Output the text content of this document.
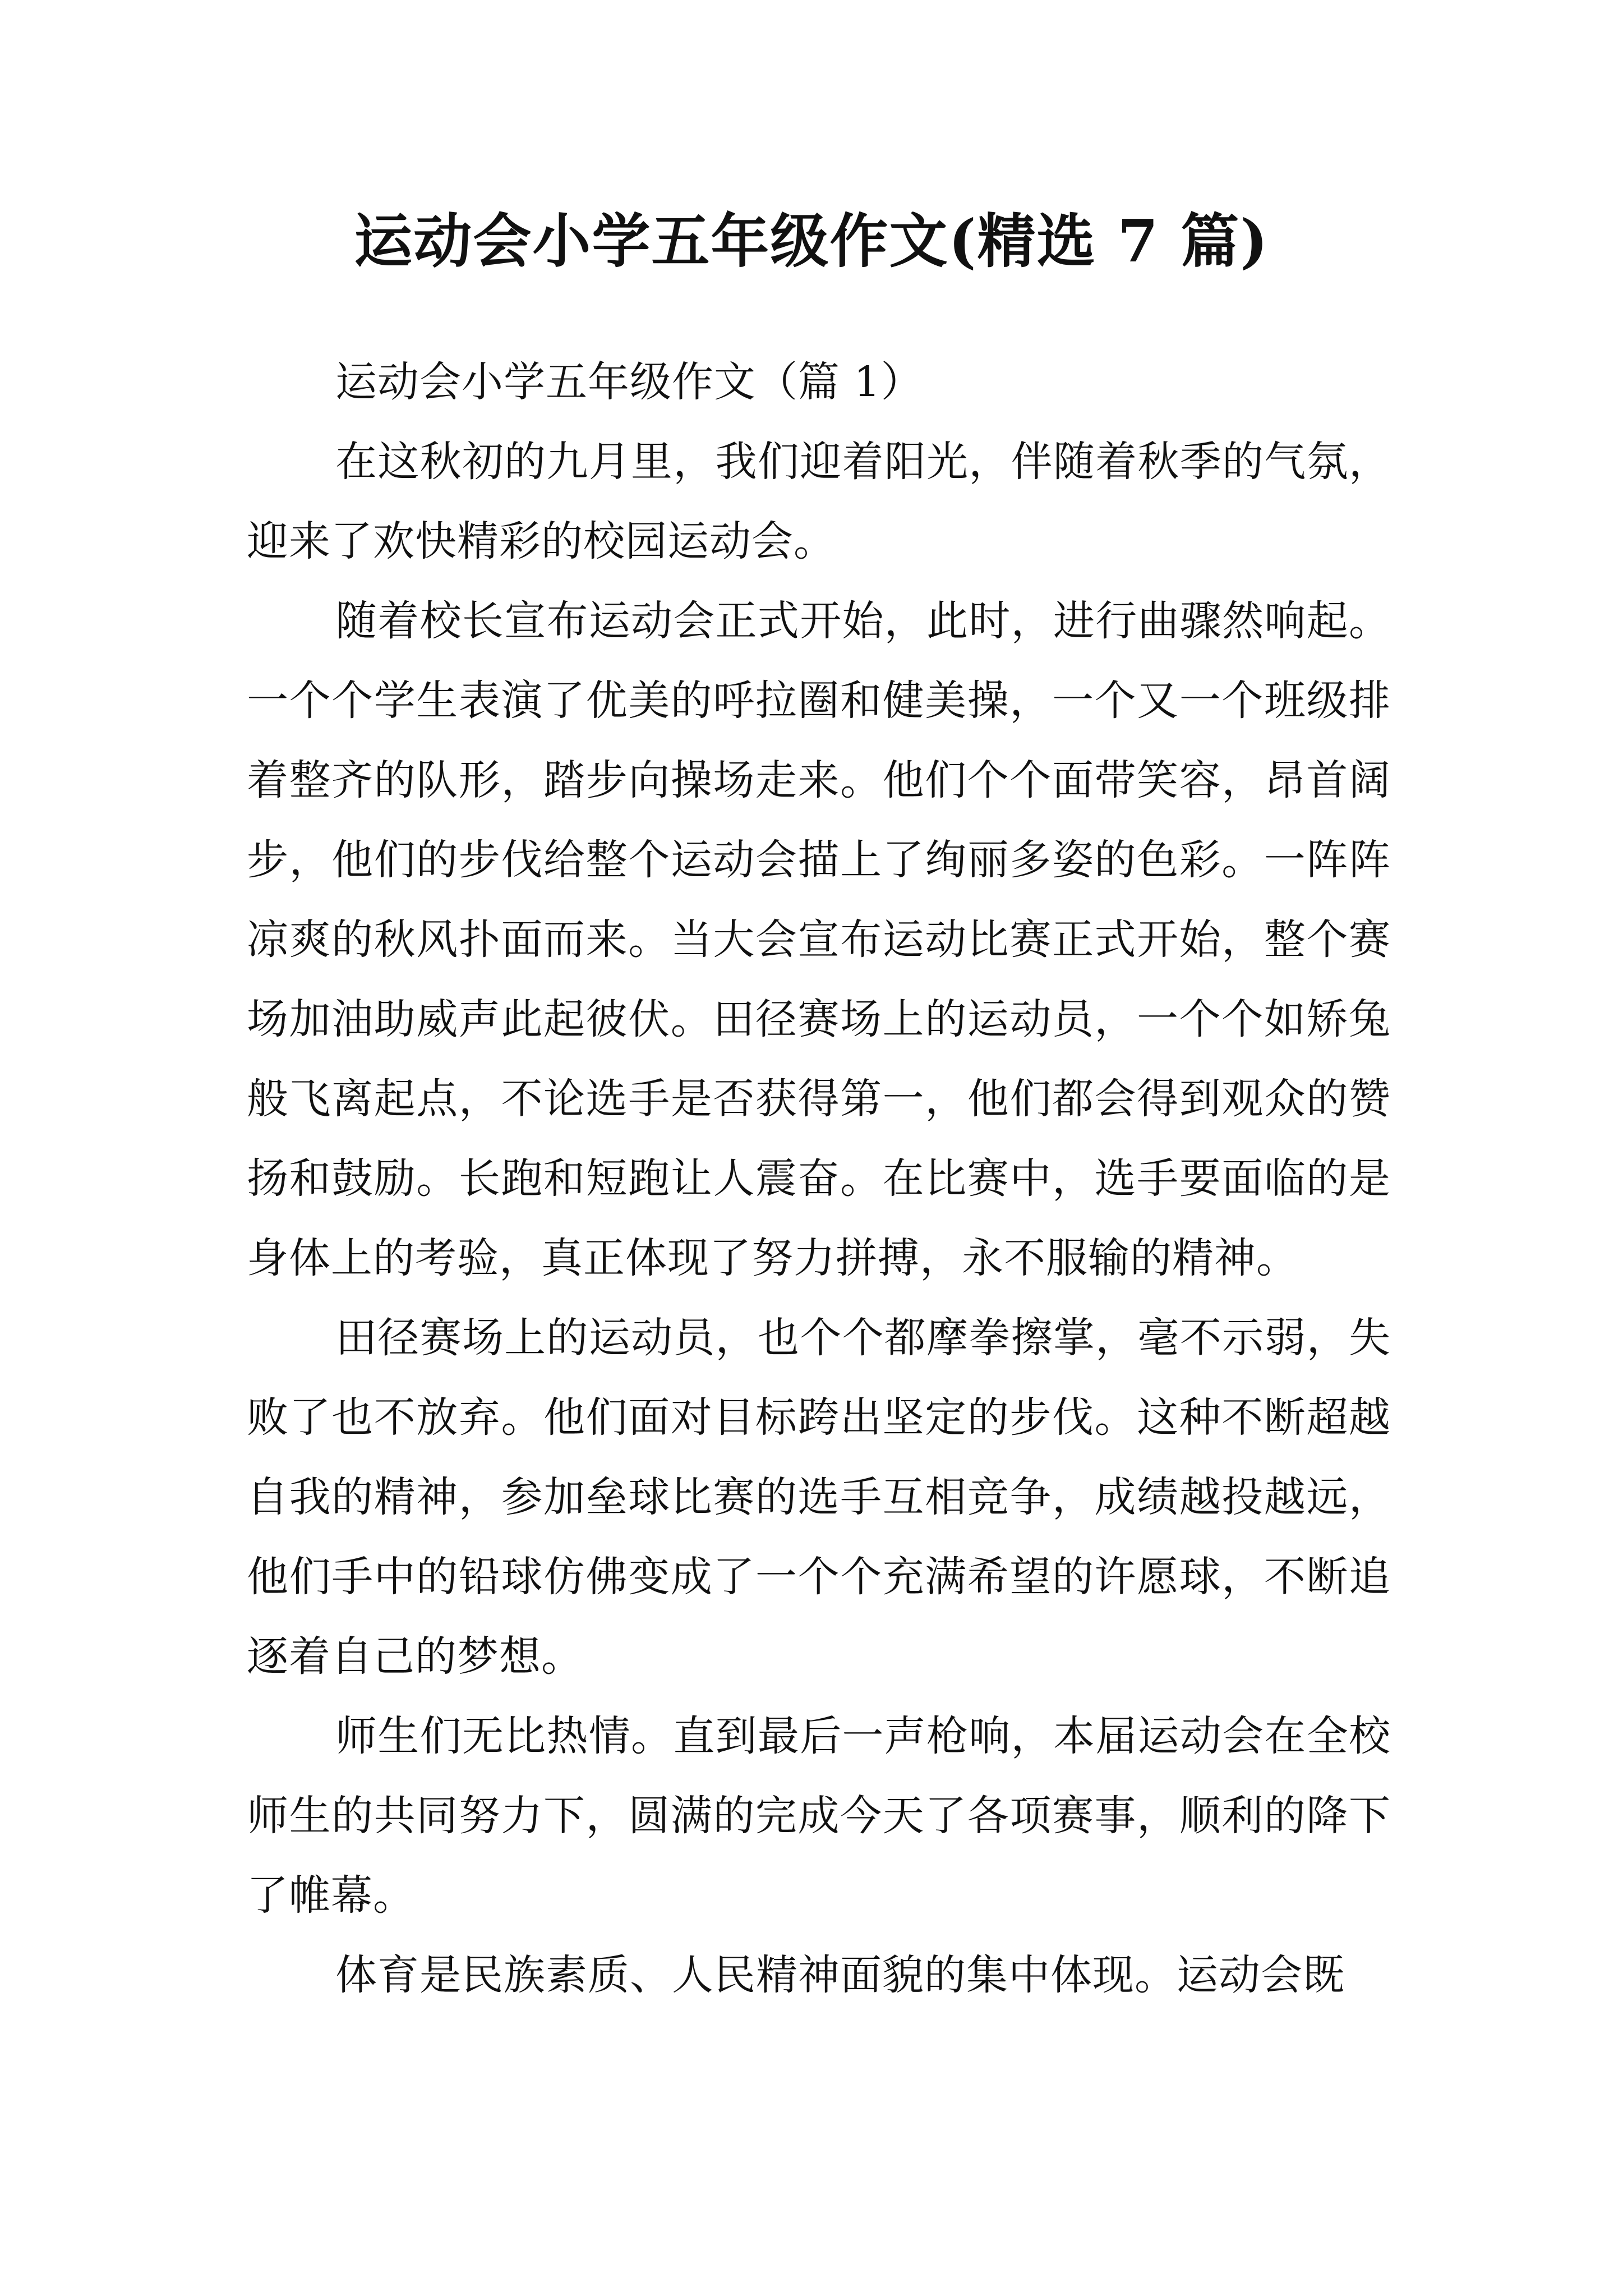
运动会小学五年级作文(精选 7 篇)

运动会小学五年级作文（篇 1）

在这秋初的九月里，我们迎着阳光，伴随着秋季的气氛，迎来了欢快精彩的校园运动会。

随着校长宣布运动会正式开始，此时，进行曲骤然响起。一个个学生表演了优美的呼拉圈和健美操，一个又一个班级排着整齐的队形，踏步向操场走来。他们个个面带笑容，昂首阔步，他们的步伐给整个运动会描上了绚丽多姿的色彩。一阵阵凉爽的秋风扑面而来。当大会宣布运动比赛正式开始，整个赛场加油助威声此起彼伏。田径赛场上的运动员，一个个如矫兔般飞离起点，不论选手是否获得第一，他们都会得到观众的赞扬和鼓励。长跑和短跑让人震奋。在比赛中，选手要面临的是身体上的考验，真正体现了努力拼搏，永不服输的精神。

田径赛场上的运动员，也个个都摩拳擦掌，毫不示弱，失败了也不放弃。他们面对目标跨出坚定的步伐。这种不断超越自我的精神，参加垒球比赛的选手互相竞争，成绩越投越远，他们手中的铅球仿佛变成了一个个充满希望的许愿球，不断追逐着自己的梦想。

师生们无比热情。直到最后一声枪响，本届运动会在全校师生的共同努力下，圆满的完成今天了各项赛事，顺利的降下了帷幕。

体育是民族素质、人民精神面貌的集中体现。运动会既
